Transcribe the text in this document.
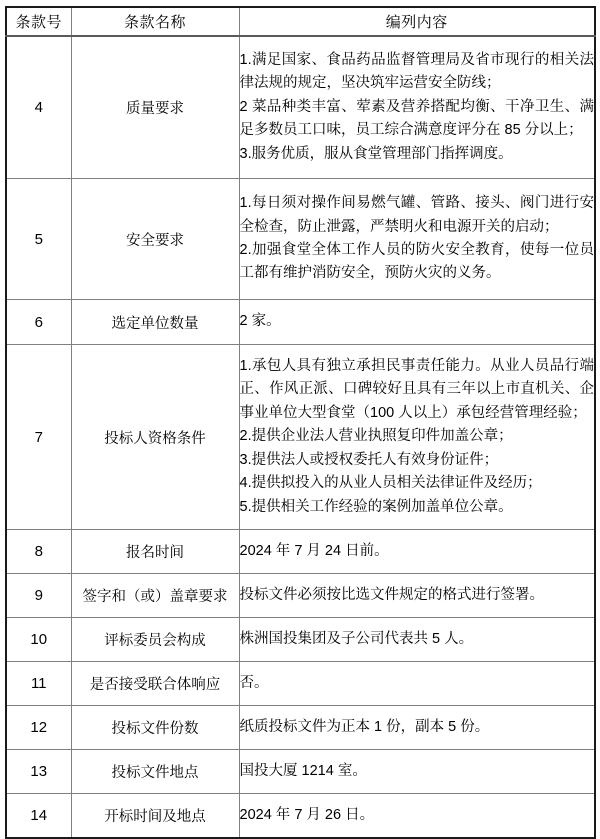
条款号	条款名称	编列内容
4	质量要求	1.满足国家、食品药品监督管理局及省市现行的相关法律法规的规定，坚决筑牢运营安全防线；
2 菜品种类丰富、荤素及营养搭配均衡、干净卫生、满足多数员工口味，员工综合满意度评分在 85 分以上；
3.服务优质，服从食堂管理部门指挥调度。

5	安全要求	1.每日须对操作间易燃气罐、管路、接头、阀门进行安全检查，防止泄露，严禁明火和电源开关的启动；
2.加强食堂全体工作人员的防火安全教育，使每一位员工都有维护消防安全，预防火灾的义务。

6	选定单位数量	2 家。

7	投标人资格条件	1.承包人具有独立承担民事责任能力。从业人员品行端正、作风正派、口碑较好且具有三年以上市直机关、企事业单位大型食堂（100 人以上）承包经营管理经验；
2.提供企业法人营业执照复印件加盖公章；
3.提供法人或授权委托人有效身份证件；
4.提供拟投入的从业人员相关法律证件及经历；
5.提供相关工作经验的案例加盖单位公章。

8	报名时间	2024 年 7 月 24 日前。

9	签字和（或）盖章要求	投标文件必须按比选文件规定的格式进行签署。

10	评标委员会构成	株洲国投集团及子公司代表共 5 人。

11	是否接受联合体响应	否。

12	投标文件份数	纸质投标文件为正本 1 份，副本 5 份。

13	投标文件地点	国投大厦 1214 室。

14	开标时间及地点	2024 年 7 月 26 日。
